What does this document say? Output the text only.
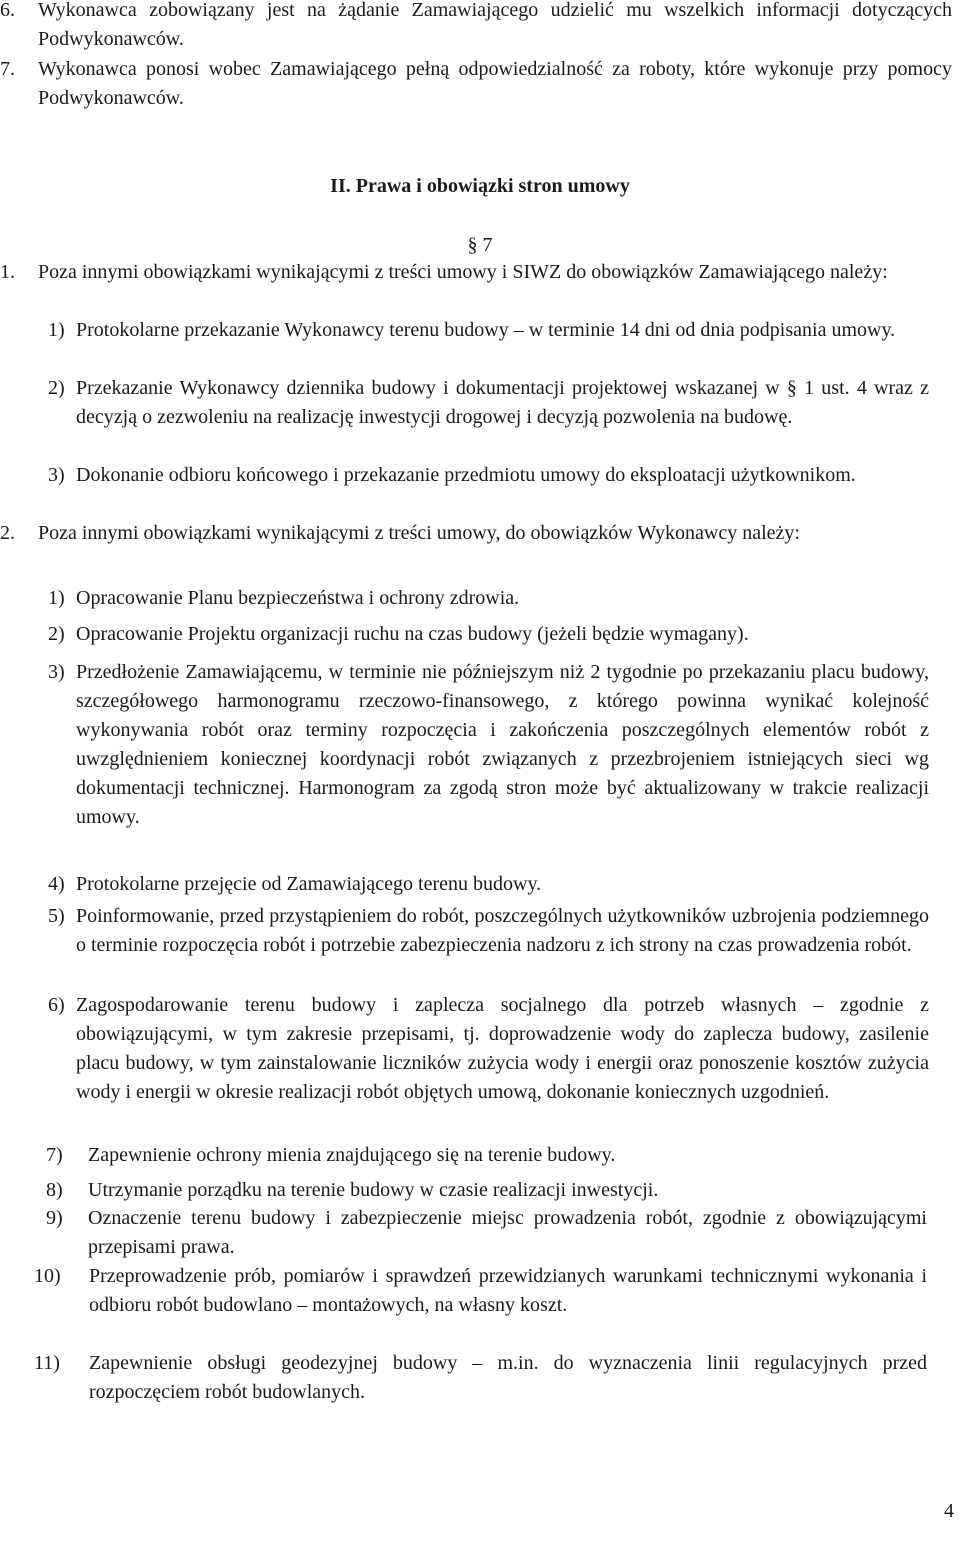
6. Wykonawca zobowiązany jest na żądanie Zamawiającego udzielić mu wszelkich informacji dotyczących Podwykonawców.
7. Wykonawca ponosi wobec Zamawiającego pełną odpowiedzialność za roboty, które wykonuje przy pomocy Podwykonawców.
II. Prawa i obowiązki stron umowy
§ 7
1. Poza innymi obowiązkami wynikającymi z treści umowy i SIWZ do obowiązków Zamawiającego należy:
1) Protokolarne przekazanie Wykonawcy terenu budowy – w terminie 14 dni od dnia podpisania umowy.
2) Przekazanie Wykonawcy dziennika budowy i dokumentacji projektowej wskazanej w § 1 ust. 4 wraz z decyzją o zezwoleniu na realizację inwestycji drogowej i decyzją pozwolenia na budowę.
3) Dokonanie odbioru końcowego i przekazanie przedmiotu umowy do eksploatacji użytkownikom.
2. Poza innymi obowiązkami wynikającymi z treści umowy, do obowiązków Wykonawcy należy:
1) Opracowanie Planu bezpieczeństwa i ochrony zdrowia.
2) Opracowanie Projektu organizacji ruchu na czas budowy (jeżeli będzie wymagany).
3) Przedłożenie Zamawiającemu, w terminie nie późniejszym niż 2 tygodnie po przekazaniu placu budowy, szczegółowego harmonogramu rzeczowo-finansowego, z którego powinna wynikać kolejność wykonywania robót oraz terminy rozpoczęcia i zakończenia poszczególnych elementów robót z uwzględnieniem koniecznej koordynacji robót związanych z przezbrojeniem istniejących sieci wg dokumentacji technicznej. Harmonogram za zgodą stron może być aktualizowany w trakcie realizacji umowy.
4) Protokolarne przejęcie od Zamawiającego terenu budowy.
5) Poinformowanie, przed przystąpieniem do robót, poszczególnych użytkowników uzbrojenia podziemnego o terminie rozpoczęcia robót i potrzebie zabezpieczenia nadzoru z ich strony na czas prowadzenia robót.
6) Zagospodarowanie terenu budowy i zaplecza socjalnego dla potrzeb własnych – zgodnie z obowiązującymi, w tym zakresie przepisami, tj. doprowadzenie wody do zaplecza budowy, zasilenie placu budowy, w tym zainstalowanie liczników zużycia wody i energii oraz ponoszenie kosztów zużycia wody i energii w okresie realizacji robót objętych umową, dokonanie koniecznych uzgodnień.
7) Zapewnienie ochrony mienia znajdującego się na terenie budowy.
8) Utrzymanie porządku na terenie budowy w czasie realizacji inwestycji.
9) Oznaczenie terenu budowy i zabezpieczenie miejsc prowadzenia robót, zgodnie z obowiązującymi przepisami prawa.
10) Przeprowadzenie prób, pomiarów i sprawdzeń przewidzianych warunkami technicznymi wykonania i odbioru robót budowlano – montażowych, na własny koszt.
11) Zapewnienie obsługi geodezyjnej budowy – m.in. do wyznaczenia linii regulacyjnych przed rozpoczęciem robót budowlanych.
4
